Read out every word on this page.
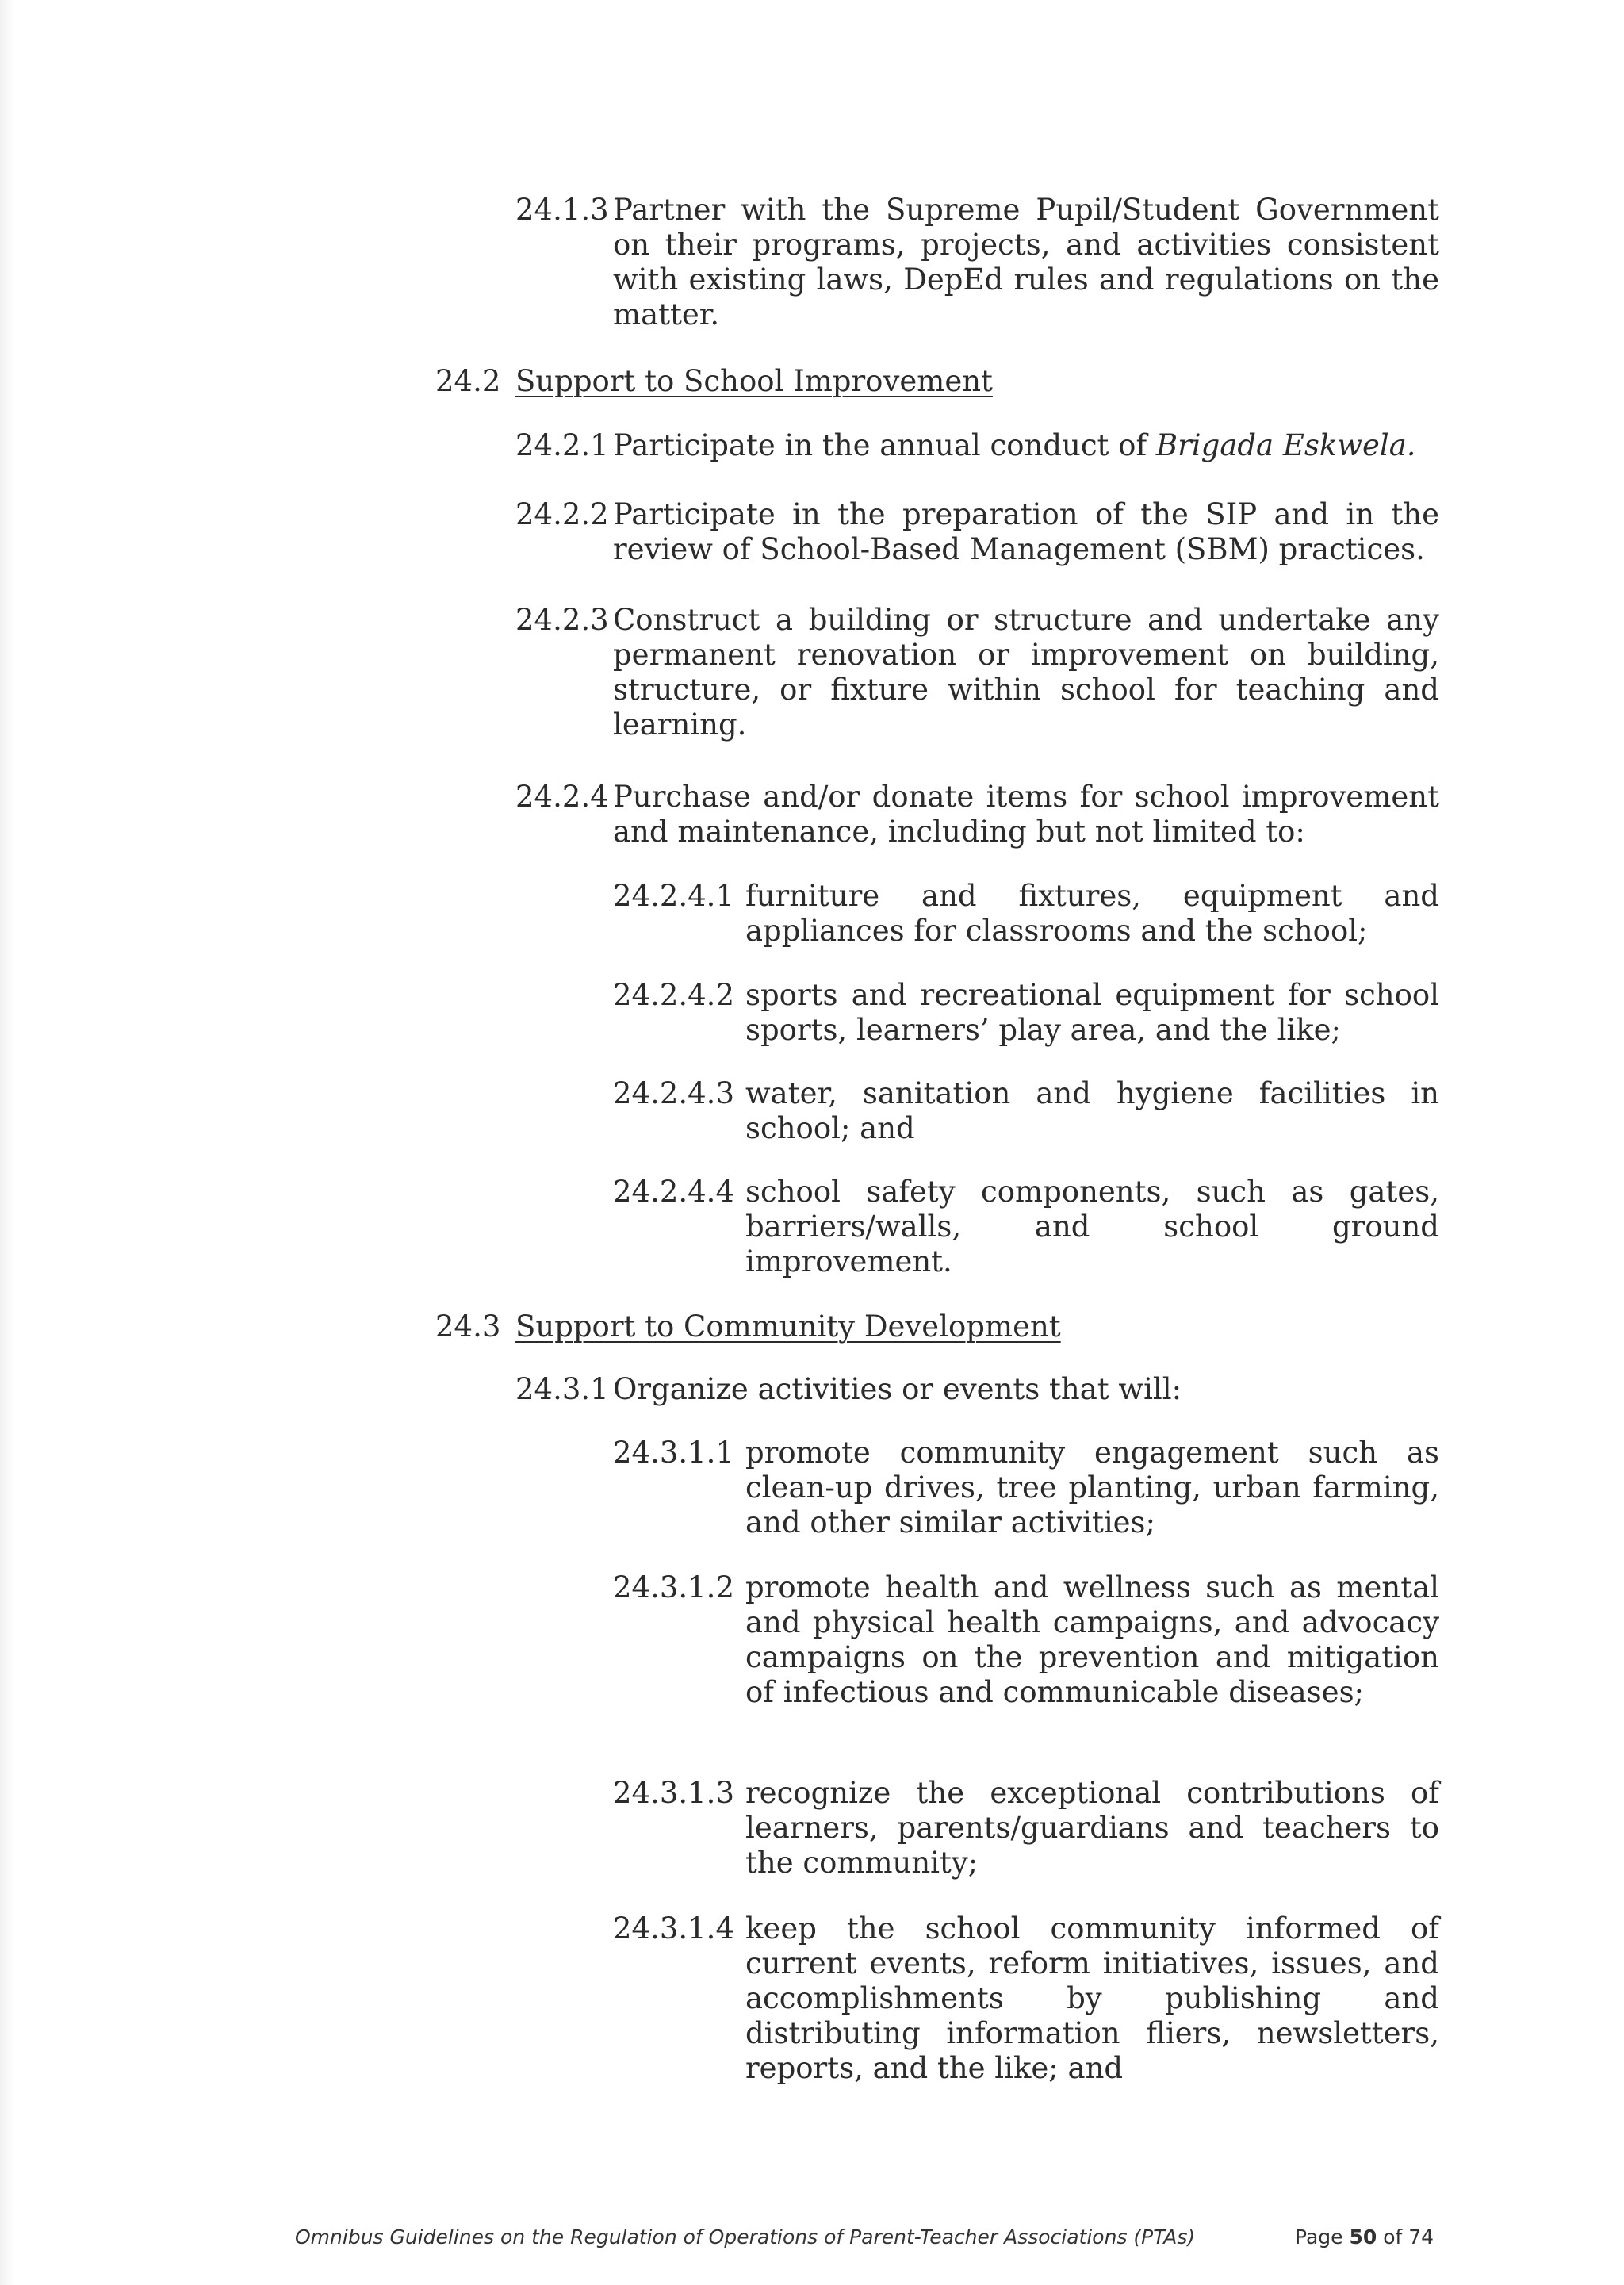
24.1.3 Partner with the Supreme Pupil/Student Government on their programs, projects, and activities consistent with existing laws, DepEd rules and regulations on the matter.
24.2 Support to School Improvement
24.2.1 Participate in the annual conduct of Brigada Eskwela.
24.2.2 Participate in the preparation of the SIP and in the review of School-Based Management (SBM) practices.
24.2.3 Construct a building or structure and undertake any permanent renovation or improvement on building, structure, or fixture within school for teaching and learning.
24.2.4 Purchase and/or donate items for school improvement and maintenance, including but not limited to:
24.2.4.1 furniture and fixtures, equipment and appliances for classrooms and the school;
24.2.4.2 sports and recreational equipment for school sports, learners’ play area, and the like;
24.2.4.3 water, sanitation and hygiene facilities in school; and
24.2.4.4 school safety components, such as gates, barriers/walls, and school ground improvement.
24.3 Support to Community Development
24.3.1 Organize activities or events that will:
24.3.1.1 promote community engagement such as clean-up drives, tree planting, urban farming, and other similar activities;
24.3.1.2 promote health and wellness such as mental and physical health campaigns, and advocacy campaigns on the prevention and mitigation of infectious and communicable diseases;
24.3.1.3 recognize the exceptional contributions of learners, parents/guardians and teachers to the community;
24.3.1.4 keep the school community informed of current events, reform initiatives, issues, and accomplishments by publishing and distributing information fliers, newsletters, reports, and the like; and
Omnibus Guidelines on the Regulation of Operations of Parent-Teacher Associations (PTAs)	Page 50 of 74
